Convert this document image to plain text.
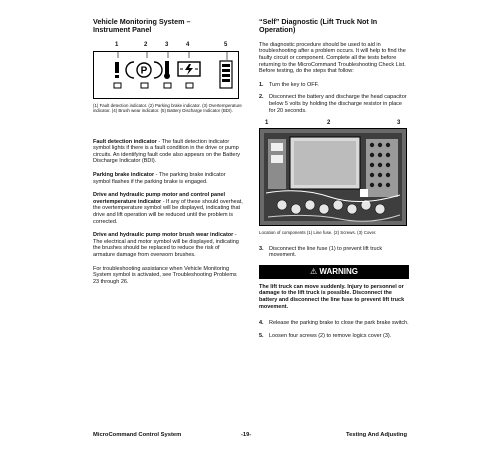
Vehicle Monitoring System –
Instrument Panel
1	2	3	4	5
P
(1) Fault detection indicator. (2) Parking brake indicator. (3) Overtemperature indicator. (4) Brush wear indicator. (5) Battery Discharge Indicator (BDI).

Fault detection indicator - The fault detection indicator symbol lights if there is a fault condition in the drive or pump circuits. An identifying fault code also appears on the Battery Discharge Indicator (BDI).

Parking brake indicator - The parking brake indicator symbol flashes if the parking brake is engaged.

Drive and hydraulic pump motor and control panel overtemperature indicator - If any of these should overheat, the overtemperature symbol will be displayed, indicating that drive and lift operation will be reduced until the problem is corrected.

Drive and hydraulic pump motor brush wear indicator - The electrical and motor symbol will be displayed, indicating the brushes should be replaced to reduce the risk of armature damage from overworn brushes.

For troubleshooting assistance when Vehicle Monitoring System symbol is activated, see Troubleshooting Problems 23 through 26.

“Self” Diagnostic (Lift Truck Not In
Operation)

The diagnostic procedure should be used to aid in troubleshooting after a problem occurs. It will help to find the faulty circuit or component. Complete all the tests before returning to the MicroCommand Troubleshooting Check List. Before testing, do the steps that follow:

1. Turn the key to OFF.
2. Disconnect the battery and discharge the head capacitor below 5 volts by holding the discharge resistor in place for 20 seconds.
1	2	3
Location of components (1) Line fuse. (2) Screws. (3) Cover.
3. Disconnect the line fuse (1) to prevent lift truck movement.
⚠ WARNING
The lift truck can move suddenly. Injury to personnel or damage to the lift truck is possible. Disconnect the battery and disconnect the line fuse to prevent lift truck movement.
4. Release the parking brake to close the park brake switch.
5. Loosen four screws (2) to remove logics cover (3).
MicroCommand Control System	-19-	Testing And Adjusting
